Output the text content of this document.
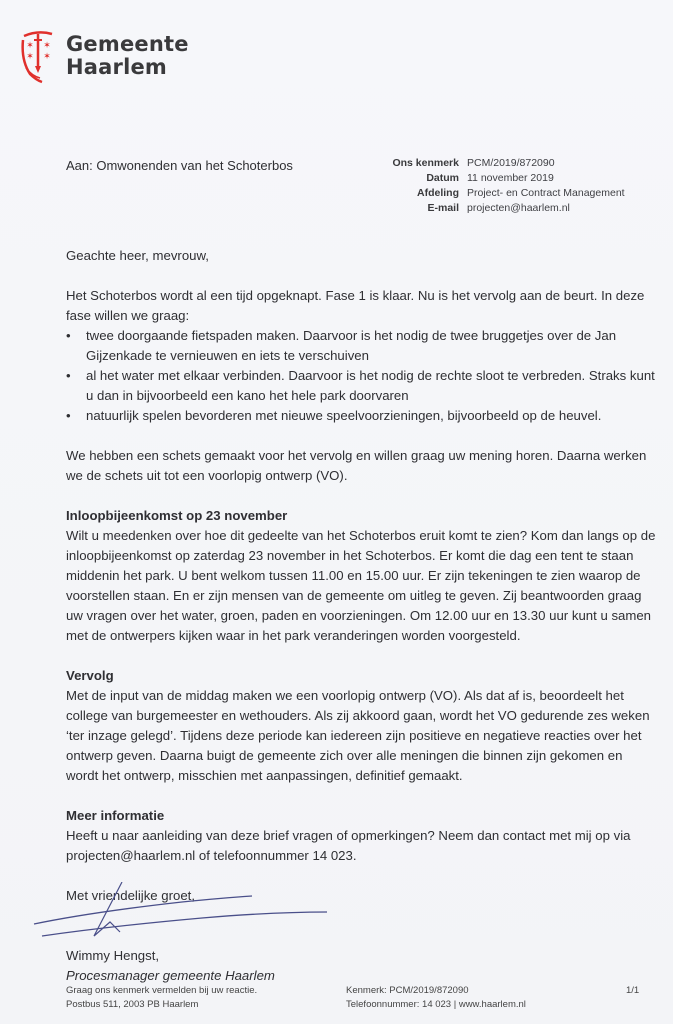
✶ ✶
✶ ✶ Gemeente
Haarlem
Aan: Omwonenden van het Schoterbos	Ons kenmerk PCM/2019/872090
Datum 11 november 2019
Afdeling Project- en Contract Management
E-mail projecten@haarlem.nl

Geachte heer, mevrouw,

Het Schoterbos wordt al een tijd opgeknapt. Fase 1 is klaar. Nu is het vervolg aan de beurt. In deze fase willen we graag:
• twee doorgaande fietspaden maken. Daarvoor is het nodig de twee bruggetjes over de Jan Gijzenkade te vernieuwen en iets te verschuiven
• al het water met elkaar verbinden. Daarvoor is het nodig de rechte sloot te verbreden. Straks kunt u dan in bijvoorbeeld een kano het hele park doorvaren
• natuurlijk spelen bevorderen met nieuwe speelvoorzieningen, bijvoorbeeld op de heuvel.

We hebben een schets gemaakt voor het vervolg en willen graag uw mening horen. Daarna werken we de schets uit tot een voorlopig ontwerp (VO).

Inloopbijeenkomst op 23 november

Wilt u meedenken over hoe dit gedeelte van het Schoterbos eruit komt te zien? Kom dan langs op de inloopbijeenkomst op zaterdag 23 november in het Schoterbos. Er komt die dag een tent te staan middenin het park. U bent welkom tussen 11.00 en 15.00 uur. Er zijn tekeningen te zien waarop de voorstellen staan. En er zijn mensen van de gemeente om uitleg te geven. Zij beantwoorden graag uw vragen over het water, groen, paden en voorzieningen. Om 12.00 uur en 13.30 uur kunt u samen met de ontwerpers kijken waar in het park veranderingen worden voorgesteld.

Vervolg

Met de input van de middag maken we een voorlopig ontwerp (VO). Als dat af is, beoordeelt het college van burgemeester en wethouders. Als zij akkoord gaan, wordt het VO gedurende zes weken ‘ter inzage gelegd’. Tijdens deze periode kan iedereen zijn positieve en negatieve reacties over het ontwerp geven. Daarna buigt de gemeente zich over alle meningen die binnen zijn gekomen en wordt het ontwerp, misschien met aanpassingen, definitief gemaakt.

Meer informatie

Heeft u naar aanleiding van deze brief vragen of opmerkingen? Neem dan contact met mij op via projecten@haarlem.nl of telefoonnummer 14 023.

Met vriendelijke groet,
Wimmy Hengst,
Procesmanager gemeente Haarlem
Graag ons kenmerk vermelden bij uw reactie.
Postbus 511, 2003 PB Haarlem
Kenmerk: PCM/2019/872090
Telefoonnummer: 14 023 | www.haarlem.nl
1/1
